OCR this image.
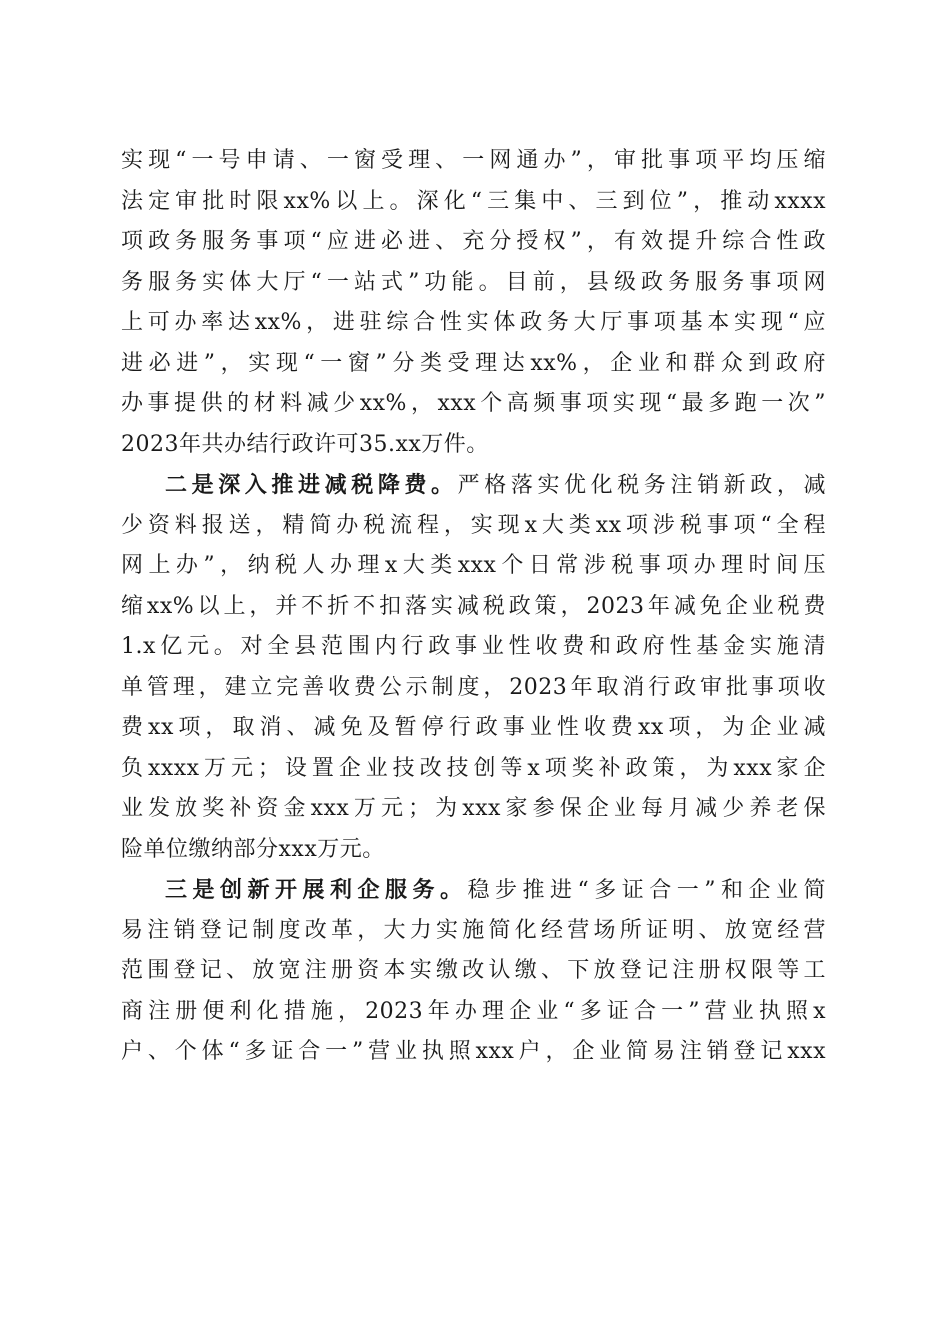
实现“一号申请、一窗受理、一网通办”，审批事项平均压缩
法定审批时限xx%以上。深化“三集中、三到位”，推动xxxx
项政务服务事项“应进必进、充分授权”，有效提升综合性政
务服务实体大厅“一站式”功能。目前，县级政务服务事项网
上可办率达xx%，进驻综合性实体政务大厅事项基本实现“应
进必进”，实现“一窗”分类受理达xx%，企业和群众到政府
办事提供的材料减少xx%，xxx个高频事项实现“最多跑一次”
2023年共办结行政许可35.xx万件。
二是深入推进减税降费。严格落实优化税务注销新政，减
少资料报送，精简办税流程，实现x大类xx项涉税事项“全程
网上办”，纳税人办理x大类xxx个日常涉税事项办理时间压
缩xx%以上，并不折不扣落实减税政策，2023年减免企业税费
1.x亿元。对全县范围内行政事业性收费和政府性基金实施清
单管理，建立完善收费公示制度，2023年取消行政审批事项收
费xx项，取消、减免及暂停行政事业性收费xx项，为企业减
负xxxx万元；设置企业技改技创等x项奖补政策，为xxx家企
业发放奖补资金xxx万元；为xxx家参保企业每月减少养老保
险单位缴纳部分xxx万元。
三是创新开展利企服务。稳步推进“多证合一”和企业简
易注销登记制度改革，大力实施简化经营场所证明、放宽经营
范围登记、放宽注册资本实缴改认缴、下放登记注册权限等工
商注册便利化措施，2023年办理企业“多证合一”营业执照x
户、个体“多证合一”营业执照xxx户，企业简易注销登记xxx
